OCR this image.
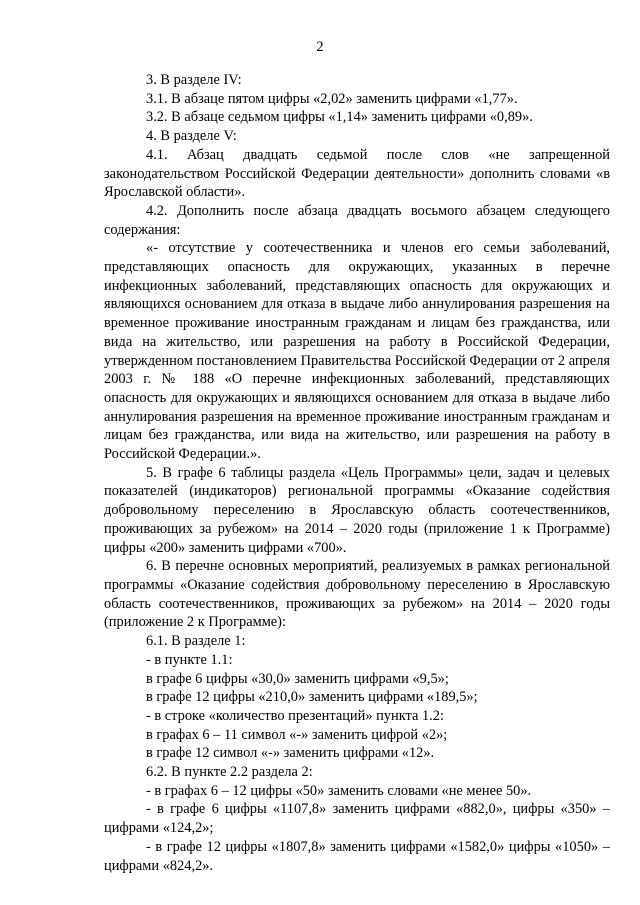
2

3. В разделе IV:

3.1. В абзаце пятом цифры «2,02» заменить цифрами «1,77».

3.2. В абзаце седьмом цифры «1,14» заменить цифрами «0,89».

4. В разделе V:

4.1. Абзац двадцать седьмой после слов «не запрещенной законодательством Российской Федерации деятельности» дополнить словами «в Ярославской области».

4.2. Дополнить после абзаца двадцать восьмого абзацем следующего содержания:

«- отсутствие у соотечественника и членов его семьи заболеваний, представляющих опасность для окружающих, указанных в перечне инфекционных заболеваний, представляющих опасность для окружающих и являющихся основанием для отказа в выдаче либо аннулирования разрешения на временное проживание иностранным гражданам и лицам без гражданства, или вида на жительство, или разрешения на работу в Российской Федерации, утвержденном постановлением Правительства Российской Федерации от 2 апреля 2003 г. № 188 «О перечне инфекционных заболеваний, представляющих опасность для окружающих и являющихся основанием для отказа в выдаче либо аннулирования разрешения на временное проживание иностранным гражданам и лицам без гражданства, или вида на жительство, или разрешения на работу в Российской Федерации.».

5. В графе 6 таблицы раздела «Цель Программы» цели, задач и целевых показателей (индикаторов) региональной программы «Оказание содействия добровольному переселению в Ярославскую область соотечественников, проживающих за рубежом» на 2014 – 2020 годы (приложение 1 к Программе) цифры «200» заменить цифрами «700».

6. В перечне основных мероприятий, реализуемых в рамках региональной программы «Оказание содействия добровольному переселению в Ярославскую область соотечественников, проживающих за рубежом» на 2014 – 2020 годы (приложение 2 к Программе):

6.1. В разделе 1:

- в пункте 1.1:

в графе 6 цифры «30,0» заменить цифрами «9,5»;

в графе 12 цифры «210,0» заменить цифрами «189,5»;

- в строке «количество презентаций» пункта 1.2:

в графах 6 – 11 символ «-» заменить цифрой «2»;

в графе 12 символ «-» заменить цифрами «12».

6.2. В пункте 2.2 раздела 2:

- в графах 6 – 12 цифры «50» заменить словами «не менее 50».

- в графе 6 цифры «1107,8» заменить цифрами «882,0», цифры «350» – цифрами «124,2»;

- в графе 12 цифры «1807,8» заменить цифрами «1582,0» цифры «1050» – цифрами «824,2».
